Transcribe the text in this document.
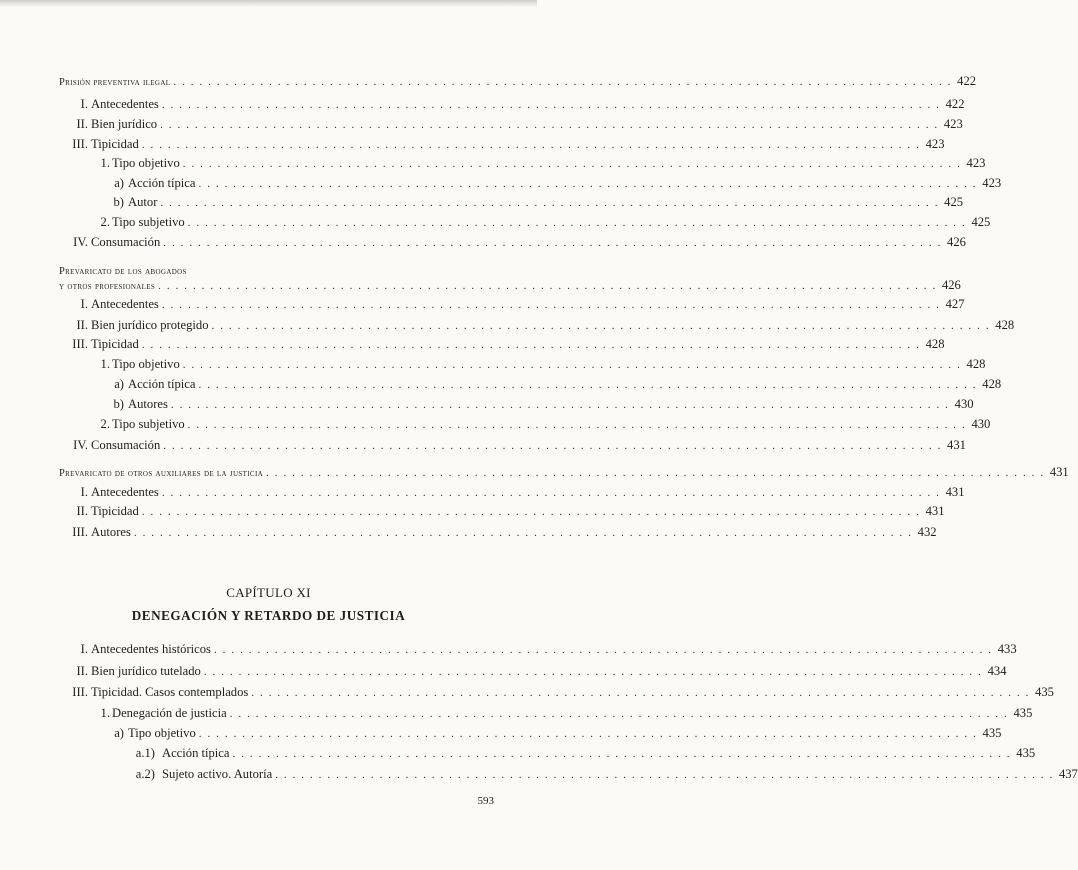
Prisión preventiva ilegal . . . . . . . . . . . . . . . . . . . . . . . . . . . . . . . . . . . . . . . . . . . . . . . . . . . . . . . . . . . . . . . . . . . . . . . . . . . . . . . . . . . . . . . . . . 422
I. Antecedentes . . . . . . . . . . . . . . . . . . . . . . . . . . . . . . . . . . . . . . . . . . . . . . . . . . . . . . . . . . . . . . . . . . . . . . . . . . . . . . . . . . . . . . . . . . 422
II. Bien jurídico . . . . . . . . . . . . . . . . . . . . . . . . . . . . . . . . . . . . . . . . . . . . . . . . . . . . . . . . . . . . . . . . . . . . . . . . . . . . . . . . . . . . . . . . . . 423
III. Tipicidad . . . . . . . . . . . . . . . . . . . . . . . . . . . . . . . . . . . . . . . . . . . . . . . . . . . . . . . . . . . . . . . . . . . . . . . . . . . . . . . . . . . . . . . . . . 423
1. Tipo objetivo . . . . . . . . . . . . . . . . . . . . . . . . . . . . . . . . . . . . . . . . . . . . . . . . . . . . . . . . . . . . . . . . . . . . . . . . . . . . . . . . . . . . . . . . . . 423
a) Acción típica . . . . . . . . . . . . . . . . . . . . . . . . . . . . . . . . . . . . . . . . . . . . . . . . . . . . . . . . . . . . . . . . . . . . . . . . . . . . . . . . . . . . . . . . . . 423
b) Autor . . . . . . . . . . . . . . . . . . . . . . . . . . . . . . . . . . . . . . . . . . . . . . . . . . . . . . . . . . . . . . . . . . . . . . . . . . . . . . . . . . . . . . . . . . 425
2. Tipo subjetivo . . . . . . . . . . . . . . . . . . . . . . . . . . . . . . . . . . . . . . . . . . . . . . . . . . . . . . . . . . . . . . . . . . . . . . . . . . . . . . . . . . . . . . . . . . 425
IV. Consumación . . . . . . . . . . . . . . . . . . . . . . . . . . . . . . . . . . . . . . . . . . . . . . . . . . . . . . . . . . . . . . . . . . . . . . . . . . . . . . . . . . . . . . . . . . 426
Prevaricato de los abogados
y otros profesionales . . . . . . . . . . . . . . . . . . . . . . . . . . . . . . . . . . . . . . . . . . . . . . . . . . . . . . . . . . . . . . . . . . . . . . . . . . . . . . . . . . . . . . . . . . 426
I. Antecedentes . . . . . . . . . . . . . . . . . . . . . . . . . . . . . . . . . . . . . . . . . . . . . . . . . . . . . . . . . . . . . . . . . . . . . . . . . . . . . . . . . . . . . . . . . . 427
II. Bien jurídico protegido . . . . . . . . . . . . . . . . . . . . . . . . . . . . . . . . . . . . . . . . . . . . . . . . . . . . . . . . . . . . . . . . . . . . . . . . . . . . . . . . . . . . . . . . . . 428
III. Tipicidad . . . . . . . . . . . . . . . . . . . . . . . . . . . . . . . . . . . . . . . . . . . . . . . . . . . . . . . . . . . . . . . . . . . . . . . . . . . . . . . . . . . . . . . . . . 428
1. Tipo objetivo . . . . . . . . . . . . . . . . . . . . . . . . . . . . . . . . . . . . . . . . . . . . . . . . . . . . . . . . . . . . . . . . . . . . . . . . . . . . . . . . . . . . . . . . . . 428
a) Acción típica . . . . . . . . . . . . . . . . . . . . . . . . . . . . . . . . . . . . . . . . . . . . . . . . . . . . . . . . . . . . . . . . . . . . . . . . . . . . . . . . . . . . . . . . . . 428
b) Autores . . . . . . . . . . . . . . . . . . . . . . . . . . . . . . . . . . . . . . . . . . . . . . . . . . . . . . . . . . . . . . . . . . . . . . . . . . . . . . . . . . . . . . . . . . 430
2. Tipo subjetivo . . . . . . . . . . . . . . . . . . . . . . . . . . . . . . . . . . . . . . . . . . . . . . . . . . . . . . . . . . . . . . . . . . . . . . . . . . . . . . . . . . . . . . . . . . 430
IV. Consumación . . . . . . . . . . . . . . . . . . . . . . . . . . . . . . . . . . . . . . . . . . . . . . . . . . . . . . . . . . . . . . . . . . . . . . . . . . . . . . . . . . . . . . . . . . 431
Prevaricato de otros auxiliares de la justicia . . . . . . . . . . . . . . . . . . . . . . . . . . . . . . . . . . . . . . . . . . . . . . . . . . . . . . . . . . . . . . . . . . . . . . . . . . . . . . . . . . . . . . . . . . 431
I. Antecedentes . . . . . . . . . . . . . . . . . . . . . . . . . . . . . . . . . . . . . . . . . . . . . . . . . . . . . . . . . . . . . . . . . . . . . . . . . . . . . . . . . . . . . . . . . . 431
II. Tipicidad . . . . . . . . . . . . . . . . . . . . . . . . . . . . . . . . . . . . . . . . . . . . . . . . . . . . . . . . . . . . . . . . . . . . . . . . . . . . . . . . . . . . . . . . . . 431
III. Autores . . . . . . . . . . . . . . . . . . . . . . . . . . . . . . . . . . . . . . . . . . . . . . . . . . . . . . . . . . . . . . . . . . . . . . . . . . . . . . . . . . . . . . . . . . 432
CAPÍTULO XI
DENEGACIÓN Y RETARDO DE JUSTICIA
I. Antecedentes históricos . . . . . . . . . . . . . . . . . . . . . . . . . . . . . . . . . . . . . . . . . . . . . . . . . . . . . . . . . . . . . . . . . . . . . . . . . . . . . . . . . . . . . . . . . . 433
II. Bien jurídico tutelado . . . . . . . . . . . . . . . . . . . . . . . . . . . . . . . . . . . . . . . . . . . . . . . . . . . . . . . . . . . . . . . . . . . . . . . . . . . . . . . . . . . . . . . . . . 434
III. Tipicidad. Casos contemplados . . . . . . . . . . . . . . . . . . . . . . . . . . . . . . . . . . . . . . . . . . . . . . . . . . . . . . . . . . . . . . . . . . . . . . . . . . . . . . . . . . . . . . . . . . 435
1. Denegación de justicia . . . . . . . . . . . . . . . . . . . . . . . . . . . . . . . . . . . . . . . . . . . . . . . . . . . . . . . . . . . . . . . . . . . . . . . . . . . . . . . . . . . . . . . . . . 435
a) Tipo objetivo . . . . . . . . . . . . . . . . . . . . . . . . . . . . . . . . . . . . . . . . . . . . . . . . . . . . . . . . . . . . . . . . . . . . . . . . . . . . . . . . . . . . . . . . . . 435
a.1) Acción típica . . . . . . . . . . . . . . . . . . . . . . . . . . . . . . . . . . . . . . . . . . . . . . . . . . . . . . . . . . . . . . . . . . . . . . . . . . . . . . . . . . . . . . . . . . 435
a.2) Sujeto activo. Autoría . . . . . . . . . . . . . . . . . . . . . . . . . . . . . . . . . . . . . . . . . . . . . . . . . . . . . . . . . . . . . . . . . . . . . . . . . . . . . . . . . . . . . . . . . . 437
593
